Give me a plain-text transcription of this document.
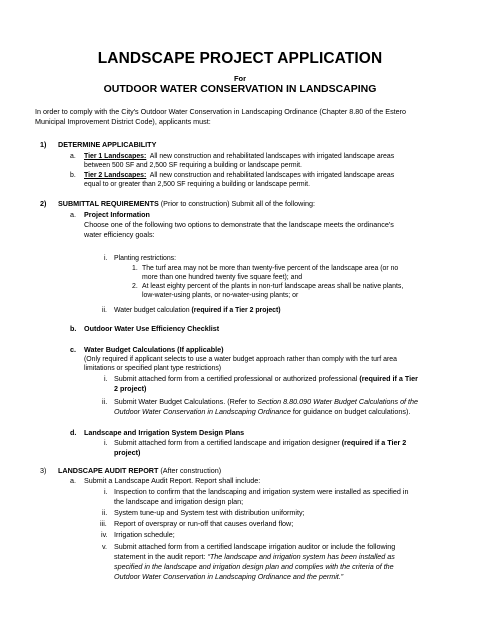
LANDSCAPE PROJECT APPLICATION
For
OUTDOOR WATER CONSERVATION IN LANDSCAPING
In order to comply with the City's Outdoor Water Conservation in Landscaping Ordinance (Chapter 8.80 of the Estero
Municipal Improvement District Code), applicants must:
1) DETERMINE APPLICABILITY
a. Tier 1 Landscapes: All new construction and rehabilitated landscapes with irrigated landscape areas
between 500 SF and 2,500 SF requiring a building or landscape permit.
b. Tier 2 Landscapes: All new construction and rehabilitated landscapes with irrigated landscape areas
equal to or greater than 2,500 SF requiring a building or landscape permit.
2) SUBMITTAL REQUIREMENTS (Prior to construction) Submit all of the following:
a. Project Information
Choose one of the following two options to demonstrate that the landscape meets the ordinance's
water efficiency goals:
i. Planting restrictions:
1. The turf area may not be more than twenty-five percent of the landscape area (or no
more than one hundred twenty five square feet); and
2. At least eighty percent of the plants in non-turf landscape areas shall be native plants,
low-water-using plants, or no-water-using plants; or
ii. Water budget calculation (required if a Tier 2 project)
b. Outdoor Water Use Efficiency Checklist
c. Water Budget Calculations (If applicable)
(Only required if applicant selects to use a water budget approach rather than comply with the turf area
limitations or specified plant type restrictions)
i. Submit attached form from a certified professional or authorized professional (required if a Tier
2 project)
ii. Submit Water Budget Calculations. (Refer to Section 8.80.090 Water Budget Calculations of the
Outdoor Water Conservation in Landscaping Ordinance for guidance on budget calculations).
d. Landscape and Irrigation System Design Plans
i. Submit attached form from a certified landscape and irrigation designer (required if a Tier 2
project)
3) LANDSCAPE AUDIT REPORT (After construction)
a. Submit a Landscape Audit Report. Report shall include:
i. Inspection to confirm that the landscaping and irrigation system were installed as specified in
the landscape and irrigation design plan;
ii. System tune-up and System test with distribution uniformity;
iii. Report of overspray or run-off that causes overland flow;
iv. Irrigation schedule;
v. Submit attached form from a certified landscape irrigation auditor or include the following
statement in the audit report: “The landscape and irrigation system has been installed as
specified in the landscape and irrigation design plan and complies with the criteria of the
Outdoor Water Conservation in Landscaping Ordinance and the permit.”
